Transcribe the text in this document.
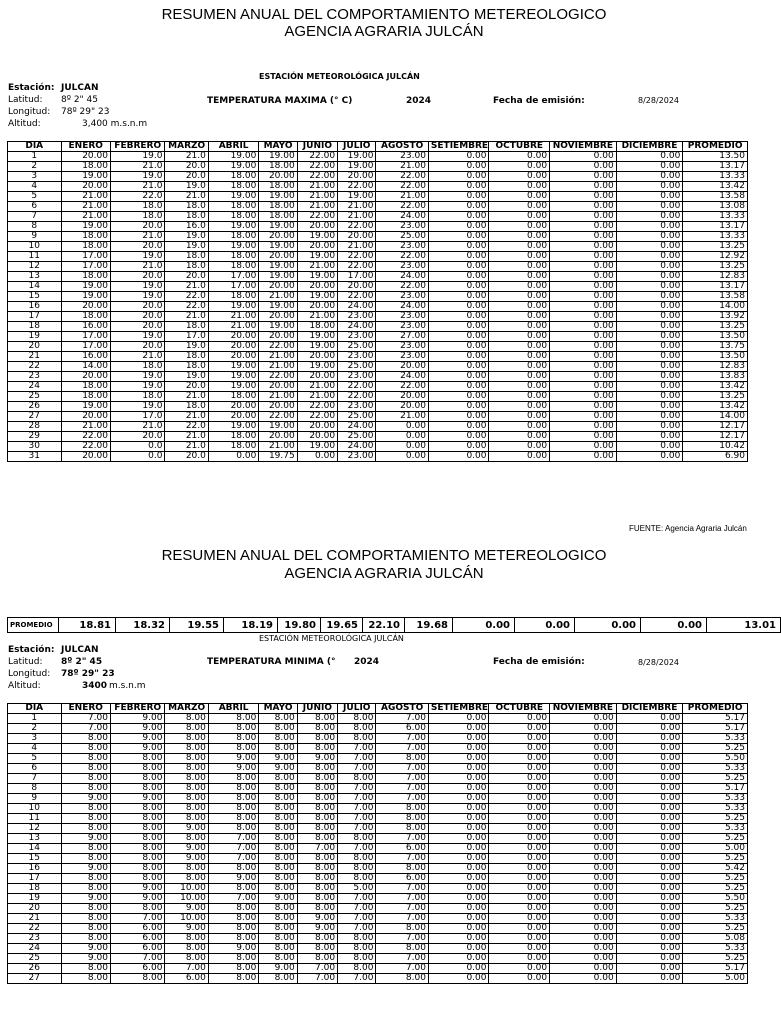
RESUMEN ANUAL DEL COMPORTAMIENTO METEREOLOGICO
AGENCIA AGRARIA JULCÁN
ESTACIÓN METEOROLÓGICA JULCÁN
Estación: JULCAN
Latitud: 8º 2" 45
Longitud: 78º 29" 23
Altitud:	3,400 m.s.n.m
TEMPERATURA MAXIMA (° C)	2024	Fecha de emisión:	8/28/2024
DIA	ENERO	FEBRERO	MARZO	ABRIL	MAYO	JUNIO	JULIO	AGOSTO	SETIEMBRE	OCTUBRE	NOVIEMBRE	DICIEMBRE	PROMEDIO
1	20.00	19.0	21.0	19.00	19.00	22.00	19.00	23.00	0.00	0.00	0.00	0.00	13.50
2	18.00	21.0	20.0	19.00	18.00	22.00	19.00	21.00	0.00	0.00	0.00	0.00	13.17
3	19.00	19.0	20.0	18.00	20.00	22.00	20.00	22.00	0.00	0.00	0.00	0.00	13.33
4	20.00	21.0	19.0	18.00	18.00	21.00	22.00	22.00	0.00	0.00	0.00	0.00	13.42
5	21.00	22.0	21.0	19.00	19.00	21.00	19.00	21.00	0.00	0.00	0.00	0.00	13.58
6	21.00	18.0	18.0	18.00	18.00	21.00	21.00	22.00	0.00	0.00	0.00	0.00	13.08
7	21.00	18.0	18.0	18.00	18.00	22.00	21.00	24.00	0.00	0.00	0.00	0.00	13.33
8	19.00	20.0	16.0	19.00	19.00	20.00	22.00	23.00	0.00	0.00	0.00	0.00	13.17
9	18.00	21.0	19.0	18.00	20.00	19.00	20.00	25.00	0.00	0.00	0.00	0.00	13.33
10	18.00	20.0	19.0	19.00	19.00	20.00	21.00	23.00	0.00	0.00	0.00	0.00	13.25
11	17.00	19.0	18.0	18.00	20.00	19.00	22.00	22.00	0.00	0.00	0.00	0.00	12.92
12	17.00	21.0	18.0	18.00	19.00	21.00	22.00	23.00	0.00	0.00	0.00	0.00	13.25
13	18.00	20.0	20.0	17.00	19.00	19.00	17.00	24.00	0.00	0.00	0.00	0.00	12.83
14	19.00	19.0	21.0	17.00	20.00	20.00	20.00	22.00	0.00	0.00	0.00	0.00	13.17
15	19.00	19.0	22.0	18.00	21.00	19.00	22.00	23.00	0.00	0.00	0.00	0.00	13.58
16	20.00	20.0	22.0	19.00	19.00	20.00	24.00	24.00	0.00	0.00	0.00	0.00	14.00
17	18.00	20.0	21.0	21.00	20.00	21.00	23.00	23.00	0.00	0.00	0.00	0.00	13.92
18	16.00	20.0	18.0	21.00	19.00	18.00	24.00	23.00	0.00	0.00	0.00	0.00	13.25
19	17.00	19.0	17.0	20.00	20.00	19.00	23.00	27.00	0.00	0.00	0.00	0.00	13.50
20	17.00	20.0	19.0	20.00	22.00	19.00	25.00	23.00	0.00	0.00	0.00	0.00	13.75
21	16.00	21.0	18.0	20.00	21.00	20.00	23.00	23.00	0.00	0.00	0.00	0.00	13.50
22	14.00	18.0	18.0	19.00	21.00	19.00	25.00	20.00	0.00	0.00	0.00	0.00	12.83
23	20.00	19.0	19.0	19.00	22.00	20.00	23.00	24.00	0.00	0.00	0.00	0.00	13.83
24	18.00	19.0	20.0	19.00	20.00	21.00	22.00	22.00	0.00	0.00	0.00	0.00	13.42
25	18.00	18.0	21.0	18.00	21.00	21.00	22.00	20.00	0.00	0.00	0.00	0.00	13.25
26	19.00	19.0	18.0	20.00	20.00	22.00	23.00	20.00	0.00	0.00	0.00	0.00	13.42
27	20.00	17.0	21.0	20.00	22.00	22.00	25.00	21.00	0.00	0.00	0.00	0.00	14.00
28	21.00	21.0	22.0	19.00	19.00	20.00	24.00	0.00	0.00	0.00	0.00	0.00	12.17
29	22.00	20.0	21.0	18.00	20.00	20.00	25.00	0.00	0.00	0.00	0.00	0.00	12.17
30	22.00	0.0	21.0	18.00	21.00	19.00	24.00	0.00	0.00	0.00	0.00	0.00	10.42
31	20.00	0.0	20.0	0.00	19.75	0.00	23.00	0.00	0.00	0.00	0.00	0.00	6.90
FUENTE: Agencia Agraria Julcán
RESUMEN ANUAL DEL COMPORTAMIENTO METEREOLOGICO
AGENCIA AGRARIA JULCÁN
PROMEDIO	18.81	18.32	19.55	18.19	19.80	19.65	22.10	19.68	0.00	0.00	0.00	0.00	13.01
ESTACIÓN METEOROLÓGICA JULCÁN
Estación: JULCAN
Latitud: 8º 2" 45
Longitud: 78º 29" 23
Altitud:	3400 m.s.n.m
TEMPERATURA MINIMA (° 2024	Fecha de emisión:	8/28/2024
DIA	ENERO	FEBRERO	MARZO	ABRIL	MAYO	JUNIO	JULIO	AGOSTO	SETIEMBRE	OCTUBRE	NOVIEMBRE	DICIEMBRE	PROMEDIO
1	7.00	9.00	8.00	8.00	8.00	8.00	8.00	7.00	0.00	0.00	0.00	0.00	5.17
2	7.00	9.00	8.00	8.00	8.00	8.00	8.00	6.00	0.00	0.00	0.00	0.00	5.17
3	8.00	9.00	8.00	8.00	8.00	8.00	8.00	7.00	0.00	0.00	0.00	0.00	5.33
4	8.00	9.00	8.00	8.00	8.00	8.00	7.00	7.00	0.00	0.00	0.00	0.00	5.25
5	8.00	8.00	8.00	9.00	9.00	9.00	7.00	8.00	0.00	0.00	0.00	0.00	5.50
6	8.00	8.00	8.00	9.00	9.00	8.00	7.00	7.00	0.00	0.00	0.00	0.00	5.33
7	8.00	8.00	8.00	8.00	8.00	8.00	8.00	7.00	0.00	0.00	0.00	0.00	5.25
8	8.00	8.00	8.00	8.00	8.00	8.00	7.00	7.00	0.00	0.00	0.00	0.00	5.17
9	9.00	9.00	8.00	8.00	8.00	8.00	7.00	7.00	0.00	0.00	0.00	0.00	5.33
10	8.00	8.00	8.00	8.00	8.00	8.00	7.00	8.00	0.00	0.00	0.00	0.00	5.33
11	8.00	8.00	8.00	8.00	8.00	8.00	7.00	8.00	0.00	0.00	0.00	0.00	5.25
12	8.00	8.00	9.00	8.00	8.00	8.00	7.00	8.00	0.00	0.00	0.00	0.00	5.33
13	9.00	8.00	8.00	7.00	8.00	8.00	8.00	7.00	0.00	0.00	0.00	0.00	5.25
14	8.00	8.00	9.00	7.00	8.00	7.00	7.00	6.00	0.00	0.00	0.00	0.00	5.00
15	8.00	8.00	9.00	7.00	8.00	8.00	8.00	7.00	0.00	0.00	0.00	0.00	5.25
16	9.00	8.00	8.00	8.00	8.00	8.00	8.00	8.00	0.00	0.00	0.00	0.00	5.42
17	8.00	8.00	8.00	9.00	8.00	8.00	8.00	6.00	0.00	0.00	0.00	0.00	5.25
18	8.00	9.00	10.00	8.00	8.00	8.00	5.00	7.00	0.00	0.00	0.00	0.00	5.25
19	9.00	9.00	10.00	7.00	9.00	8.00	7.00	7.00	0.00	0.00	0.00	0.00	5.50
20	8.00	8.00	9.00	8.00	8.00	8.00	7.00	7.00	0.00	0.00	0.00	0.00	5.25
21	8.00	7.00	10.00	8.00	8.00	9.00	7.00	7.00	0.00	0.00	0.00	0.00	5.33
22	8.00	6.00	9.00	8.00	8.00	9.00	7.00	8.00	0.00	0.00	0.00	0.00	5.25
23	8.00	6.00	8.00	8.00	8.00	8.00	8.00	7.00	0.00	0.00	0.00	0.00	5.08
24	9.00	6.00	8.00	9.00	8.00	8.00	8.00	8.00	0.00	0.00	0.00	0.00	5.33
25	9.00	7.00	8.00	8.00	8.00	8.00	8.00	7.00	0.00	0.00	0.00	0.00	5.25
26	8.00	6.00	7.00	8.00	9.00	7.00	8.00	7.00	0.00	0.00	0.00	0.00	5.17
27	8.00	8.00	6.00	8.00	8.00	7.00	7.00	8.00	0.00	0.00	0.00	0.00	5.00
